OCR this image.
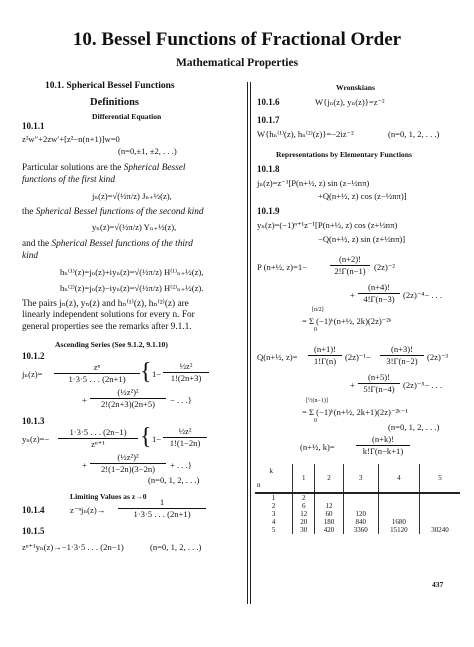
10. Bessel Functions of Fractional Order
Mathematical Properties
10.1. Spherical Bessel Functions
Definitions
Differential Equation
10.1.1
z²w″+2zw′+[z²−n(n+1)]w=0
(n=0,±1, ±2, . . .)
Particular solutions are the Spherical Bessel
functions of the first kind
jₙ(z)=√(½π/z) Jₙ₊½(z),
the Spherical Bessel functions of the second kind
yₙ(z)=√(½π/z) Yₙ₊½(z),
and the Spherical Bessel functions of the third
kind
hₙ⁽¹⁾(z)=jₙ(z)+iyₙ(z)=√(½π/z) H⁽¹⁾ₙ₊½(z),
hₙ⁽²⁾(z)=jₙ(z)−iyₙ(z)=√(½π/z) H⁽²⁾ₙ₊½(z).
The pairs jₙ(z), yₙ(z) and hₙ⁽¹⁾(z), hₙ⁽²⁾(z) are
linearly independent solutions for every n. For
general properties see the remarks after 9.1.1.
Ascending Series (See 9.1.2, 9.1.10)
10.1.2
jₙ(z)=
zⁿ
1·3·5 . . . (2n+1) { 1−
½z²
1!(2n+3)
+
(½z²)²
2!(2n+3)(2n+5)	− . . .}
10.1.3
yₙ(z)=−
1·3·5 . . . (2n−1)
zⁿ⁺¹	{ 1−
½z²
1!(1−2n)
+
(½z²)²
2!(1−2n)(3−2n)	+ . . .}
(n=0, 1, 2, . . .)
Limiting Values as z→0
10.1.4	z⁻ⁿjₙ(z)→
1
1·3·5 . . . (2n+1)
10.1.5
zⁿ⁺¹yₙ(z)→−1·3·5 . . . (2n−1)	(n=0, 1, 2, . . .)
Wronskians
10.1.6	W{jₙ(z), yₙ(z)}=z⁻²
10.1.7
W{hₙ⁽¹⁾(z), hₙ⁽²⁾(z)}=−2iz⁻²	(n=0, 1, 2, . . .)
Representations by Elementary Functions
10.1.8
jₙ(z)=z⁻¹[P(n+½, z) sin (z−½nπ)
+Q(n+½, z) cos (z−½nπ)]
10.1.9
yₙ(z)=(−1)ⁿ⁺¹z⁻¹[P(n+½, z) cos (z+½nπ)
−Q(n+½, z) sin (z+½nπ)]
P (n+½, z)=1−
(n+2)!
2!Γ(n−1) (2z)⁻²
+
(n+4)!
4!Γ(n−3) (2z)⁻⁴− . . .
[n/2]
= Σ (−1)ᵏ(n+½, 2k)(2z)⁻²ᵏ
0
Q(n+½, z)=
(n+1)!
1!Γ(n)	(2z)⁻¹−
(n+3)!
3!Γ(n−2)	(2z)⁻³
+
(n+5)!
5!Γ(n−4) (2z)⁻⁵− . . .
[½(n−1)]
= Σ (−1)ᵏ(n+½, 2k+1)(2z)⁻²ᵏ⁻¹
0
(n=0, 1, 2, . . .)
(n+½, k)=
(n+k)!
k!Γ(n−k+1)
k
n	1	2	3	4	5
1	2				
2	6	12			
3	12	60	120		
4	20	180	840	1680	
5	30	420	3360	15120	30240
437
